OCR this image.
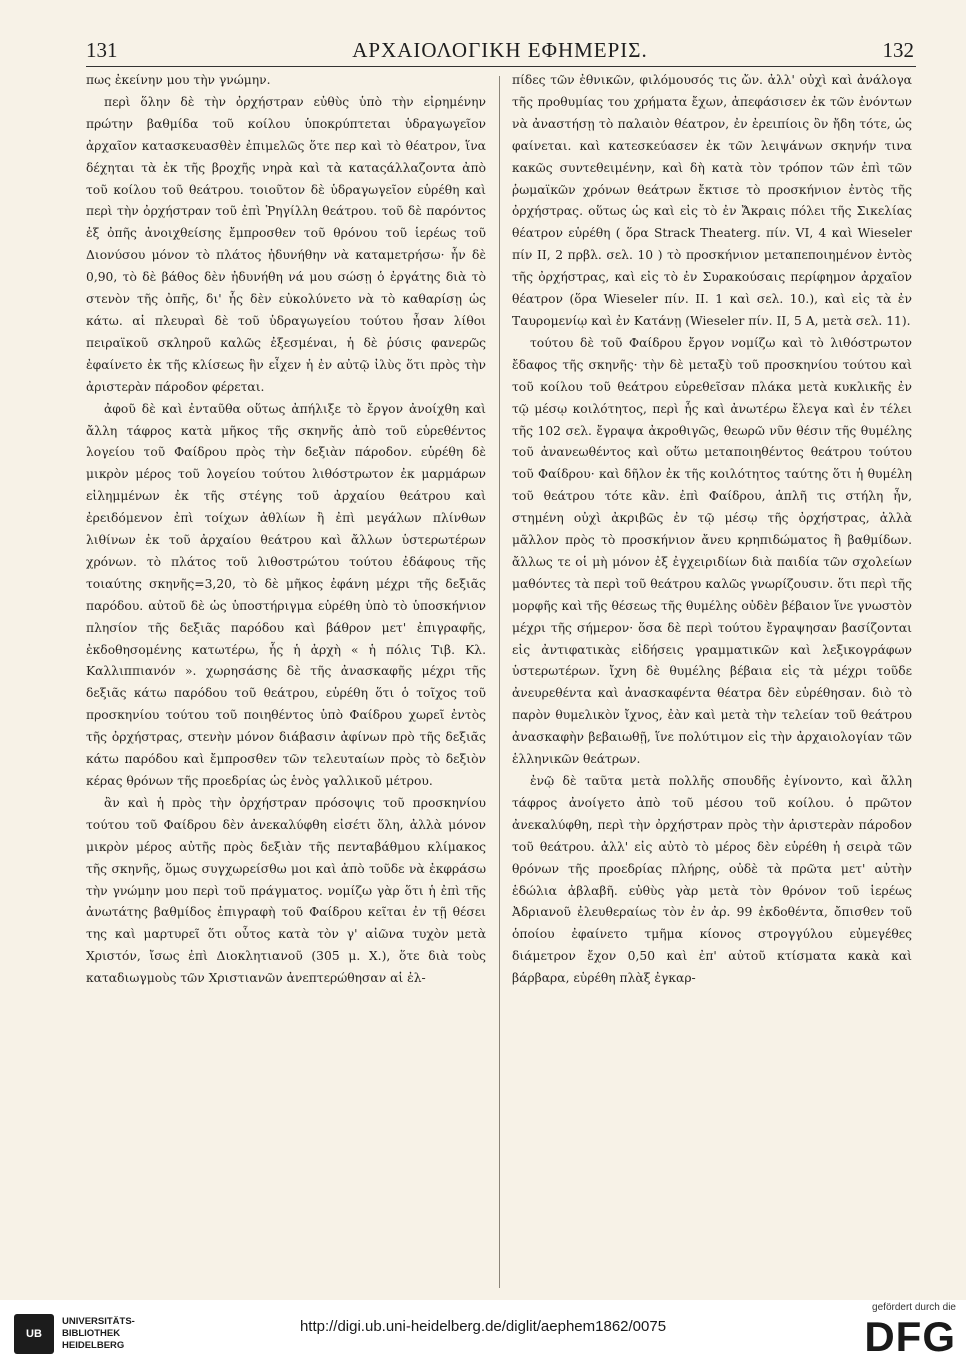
131	ΑΡΧΑΙΟΛΟΓΙΚΗ ΕΦΗΜΕΡΙΣ.	132

πως ἐκείνην μου τὴν γνώμην.

περὶ ὅλην δὲ τὴν ὀρχήστραν εὐθὺς ὑπὸ τὴν εἰρημένην πρώτην βαθμίδα τοῦ κοίλου ὑποκρύπτεται ὑδραγωγεῖον ἀρχαῖον κατασκευασθὲν ἐπιμελῶς ὅτε περ καὶ τὸ θέατρον, ἵνα δέχηται τὰ ἐκ τῆς βροχῆς νηρὰ καὶ τὰ καταςάλλαζοντα ἀπὸ τοῦ κοίλου τοῦ θεάτρου. τοιοῦτον δὲ ὑδραγωγεῖον εὑρέθη καὶ περὶ τὴν ὀρχήστραν τοῦ ἐπὶ Ῥηγίλλη θεάτρου. τοῦ δὲ παρόντος ἐξ ὀπῆς ἀνοιχθείσης ἔμπροσθεν τοῦ θρόνου τοῦ ἱερέως τοῦ Διονύσου μόνον τὸ πλάτος ἠδυνήθην νὰ καταμετρήσω· ἦν δὲ 0,90, τὸ δὲ βάθος δὲν ἠδυνήθη νά μου σώσῃ ὁ ἐργάτης διὰ τὸ στενὸν τῆς ὀπῆς, δι' ἧς δὲν εὐκολύνετο νὰ τὸ καθαρίσῃ ὡς κάτω. αἱ πλευραὶ δὲ τοῦ ὑδραγωγείου τούτου ἦσαν λίθοι πειραϊκοῦ σκληροῦ καλῶς ἐξεσμέναι, ἡ δὲ ῥύσις φανερῶς ἐφαίνετο ἐκ τῆς κλίσεως ἣν εἶχεν ἡ ἐν αὐτῷ ἰλὺς ὅτι πρὸς τὴν ἀριστερὰν πάροδον φέρεται.

ἀφοῦ δὲ καὶ ἐνταῦθα οὕτως ἀπήλιξε τὸ ἔργον ἀνοίχθη καὶ ἄλλη τάφρος κατὰ μῆκος τῆς σκηνῆς ἀπὸ τοῦ εὑρεθέντος λογείου τοῦ Φαίδρου πρὸς τὴν δεξιὰν πάροδον. εὑρέθη δὲ μικρὸν μέρος τοῦ λογείου τούτου λιθόστρωτον ἐκ μαρμάρων εἰλημμένων ἐκ τῆς στέγης τοῦ ἀρχαίου θεάτρου καὶ ἐρειδόμενον ἐπὶ τοίχων ἀθλίων ἢ ἐπὶ μεγάλων πλίνθων λιθίνων ἐκ τοῦ ἀρχαίου θεάτρου καὶ ἄλλων ὑστερωτέρων χρόνων. τὸ πλάτος τοῦ λιθοστρώτου τούτου ἐδάφους τῆς τοιαύτης σκηνῆς=3,20, τὸ δὲ μῆκος ἐφάνη μέχρι τῆς δεξιᾶς παρόδου. αὐτοῦ δὲ ὡς ὑποστήριγμα εὑρέθη ὑπὸ τὸ ὑποσκήνιον πλησίον τῆς δεξιᾶς παρόδου καὶ βάθρον μετ' ἐπιγραφῆς, ἐκδοθησομένης κατωτέρω, ἧς ἡ ἀρχὴ « ἡ πόλις Τιβ. Κλ. Καλλιππιανόν ». χωρησάσης δὲ τῆς ἀνασκαφῆς μέχρι τῆς δεξιᾶς κάτω παρόδου τοῦ θεάτρου, εὑρέθη ὅτι ὁ τοῖχος τοῦ προσκηνίου τούτου τοῦ ποιηθέντος ὑπὸ Φαίδρου χωρεῖ ἐντὸς τῆς ὀρχήστρας, στενὴν μόνον διάβασιν ἀφίνων πρὸ τῆς δεξιᾶς κάτω παρόδου καὶ ἔμπροσθεν τῶν τελευταίων πρὸς τὸ δεξιὸν κέρας θρόνων τῆς προεδρίας ὡς ἑνὸς γαλλικοῦ μέτρου.

ἂν καὶ ἡ πρὸς τὴν ὀρχήστραν πρόσοψις τοῦ προσκηνίου τούτου τοῦ Φαίδρου δὲν ἀνεκαλύφθη εἰσέτι ὅλη, ἀλλὰ μόνον μικρὸν μέρος αὐτῆς πρὸς δεξιὰν τῆς πενταβάθμου κλίμακος τῆς σκηνῆς, ὅμως συγχωρείσθω μοι καὶ ἀπὸ τοῦδε νὰ ἐκφράσω τὴν γνώμην μου περὶ τοῦ πράγματος. νομίζω γὰρ ὅτι ἡ ἐπὶ τῆς ἀνωτάτης βαθμίδος ἐπιγραφὴ τοῦ Φαίδρου κεῖται ἐν τῇ θέσει της καὶ μαρτυρεῖ ὅτι οὗτος κατὰ τὸν γ' αἰῶνα τυχὸν μετὰ Χριστόν, ἴσως ἐπὶ Διοκλητιανοῦ (305 μ. Χ.), ὅτε διὰ τοὺς καταδιωγμοὺς τῶν Χριστιανῶν ἀνεπτερώθησαν αἱ ἐλ-

πίδες τῶν ἐθνικῶν, φιλόμουσός τις ὤν. ἀλλ' οὐχὶ καὶ ἀνάλογα τῆς προθυμίας του χρήματα ἔχων, ἀπεφάσισεν ἐκ τῶν ἐνόντων νὰ ἀναστήσῃ τὸ παλαιὸν θέατρον, ἐν ἐρειπίοις ὂν ἤδη τότε, ὡς φαίνεται. καὶ κατεσκεύασεν ἐκ τῶν λειψάνων σκηνήν τινα κακῶς συντεθειμένην, καὶ δὴ κατὰ τὸν τρόπον τῶν ἐπὶ τῶν ῥωμαϊκῶν χρόνων θεάτρων ἔκτισε τὸ προσκήνιον ἐντὸς τῆς ὀρχήστρας. οὕτως ὡς καὶ εἰς τὸ ἐν Ἄκραις πόλει τῆς Σικελίας θέατρον εὑρέθη ( ὅρα Strack Theaterg. πίν. VI, 4 καὶ Wieseler πίν II, 2 πρβλ. σελ. 10 ) τὸ προσκήνιον μεταπεποιημένον ἐντὸς τῆς ὀρχήστρας, καὶ εἰς τὸ ἐν Συρακούσαις περίφημον ἀρχαῖον θέατρον (ὅρα Wieseler πίν. II. 1 καὶ σελ. 10.), καὶ εἰς τὰ ἐν Ταυρομενίῳ καὶ ἐν Κατάνῃ (Wieseler πίν. II, 5 A, μετὰ σελ. 11).

τούτου δὲ τοῦ Φαίδρου ἔργον νομίζω καὶ τὸ λιθόστρωτον ἔδαφος τῆς σκηνῆς· τὴν δὲ μεταξὺ τοῦ προσκηνίου τούτου καὶ τοῦ κοίλου τοῦ θεάτρου εὑρεθεῖσαν πλάκα μετὰ κυκλικῆς ἐν τῷ μέσῳ κοιλότητος, περὶ ἧς καὶ ἀνωτέρω ἔλεγα καὶ ἐν τέλει τῆς 102 σελ. ἔγραψα ἀκροθιγῶς, θεωρῶ νῦν θέσιν τῆς θυμέλης τοῦ ἀνανεωθέντος καὶ οὕτω μεταποιηθέντος θεάτρου τούτου τοῦ Φαίδρου· καὶ δῆλον ἐκ τῆς κοιλότητος ταύτης ὅτι ἡ θυμέλη τοῦ θεάτρου τότε κἂν. ἐπὶ Φαίδρου, ἁπλῆ τις στήλη ἦν, στημένη οὐχὶ ἀκριβῶς ἐν τῷ μέσῳ τῆς ὀρχήστρας, ἀλλὰ μᾶλλον πρὸς τὸ προσκήνιον ἄνευ κρηπιδώματος ἢ βαθμίδων. ἄλλως τε οἱ μὴ μόνον ἐξ ἐγχειριδίων διὰ παιδία τῶν σχολείων μαθόντες τὰ περὶ τοῦ θεάτρου καλῶς γνωρίζουσιν. ὅτι περὶ τῆς μορφῆς καὶ τῆς θέσεως τῆς θυμέλης οὐδὲν βέβαιον ἵνε γνωστὸν μέχρι τῆς σήμερον· ὅσα δὲ περὶ τούτου ἔγραψησαν βασίζονται εἰς ἀντιφατικὰς εἰδήσεις γραμματικῶν καὶ λεξικογράφων ὑστερωτέρων. ἴχνη δὲ θυμέλης βέβαια εἰς τὰ μέχρι τοῦδε ἀνευρεθέντα καὶ ἀνασκαφέντα θέατρα δὲν εὑρέθησαν. διὸ τὸ παρὸν θυμελικὸν ἴχνος, ἐὰν καὶ μετὰ τὴν τελείαν τοῦ θεάτρου ἀνασκαφὴν βεβαιωθῇ, ἵνε πολύτιμον εἰς τὴν ἀρχαιολογίαν τῶν ἑλληνικῶν θεάτρων.

ἐνῷ δὲ ταῦτα μετὰ πολλῆς σπουδῆς ἐγίνοντο, καὶ ἄλλη τάφρος ἀνοίγετο ἀπὸ τοῦ μέσου τοῦ κοίλου. ὁ πρῶτον ἀνεκαλύφθη, περὶ τὴν ὀρχήστραν πρὸς τὴν ἀριστερὰν πάροδον τοῦ θεάτρου. ἀλλ' εἰς αὐτὸ τὸ μέρος δὲν εὑρέθη ἡ σειρὰ τῶν θρόνων τῆς προεδρίας πλήρης, οὐδὲ τὰ πρῶτα μετ' αὐτὴν ἑδώλια ἀβλαβῆ. εὐθὺς γὰρ μετὰ τὸν θρόνον τοῦ ἱερέως Ἀδριανοῦ ἐλευθεραίως τὸν ἐν ἀρ. 99 ἐκδοθέντα, ὄπισθεν τοῦ ὁποίου ἐφαίνετο τμῆμα κίονος στρογγύλου εὐμεγέθες διάμετρον ἔχον 0,50 καὶ ἐπ' αὐτοῦ κτίσματα κακὰ καὶ βάρβαρα, εὑρέθη πλὰξ ἐγκαρ-

UB
UNIVERSITÄTS-
BIBLIOTHEK
HEIDELBERG
http://digi.ub.uni-heidelberg.de/diglit/aephem1862/0075
gefördert durch die
DFG
